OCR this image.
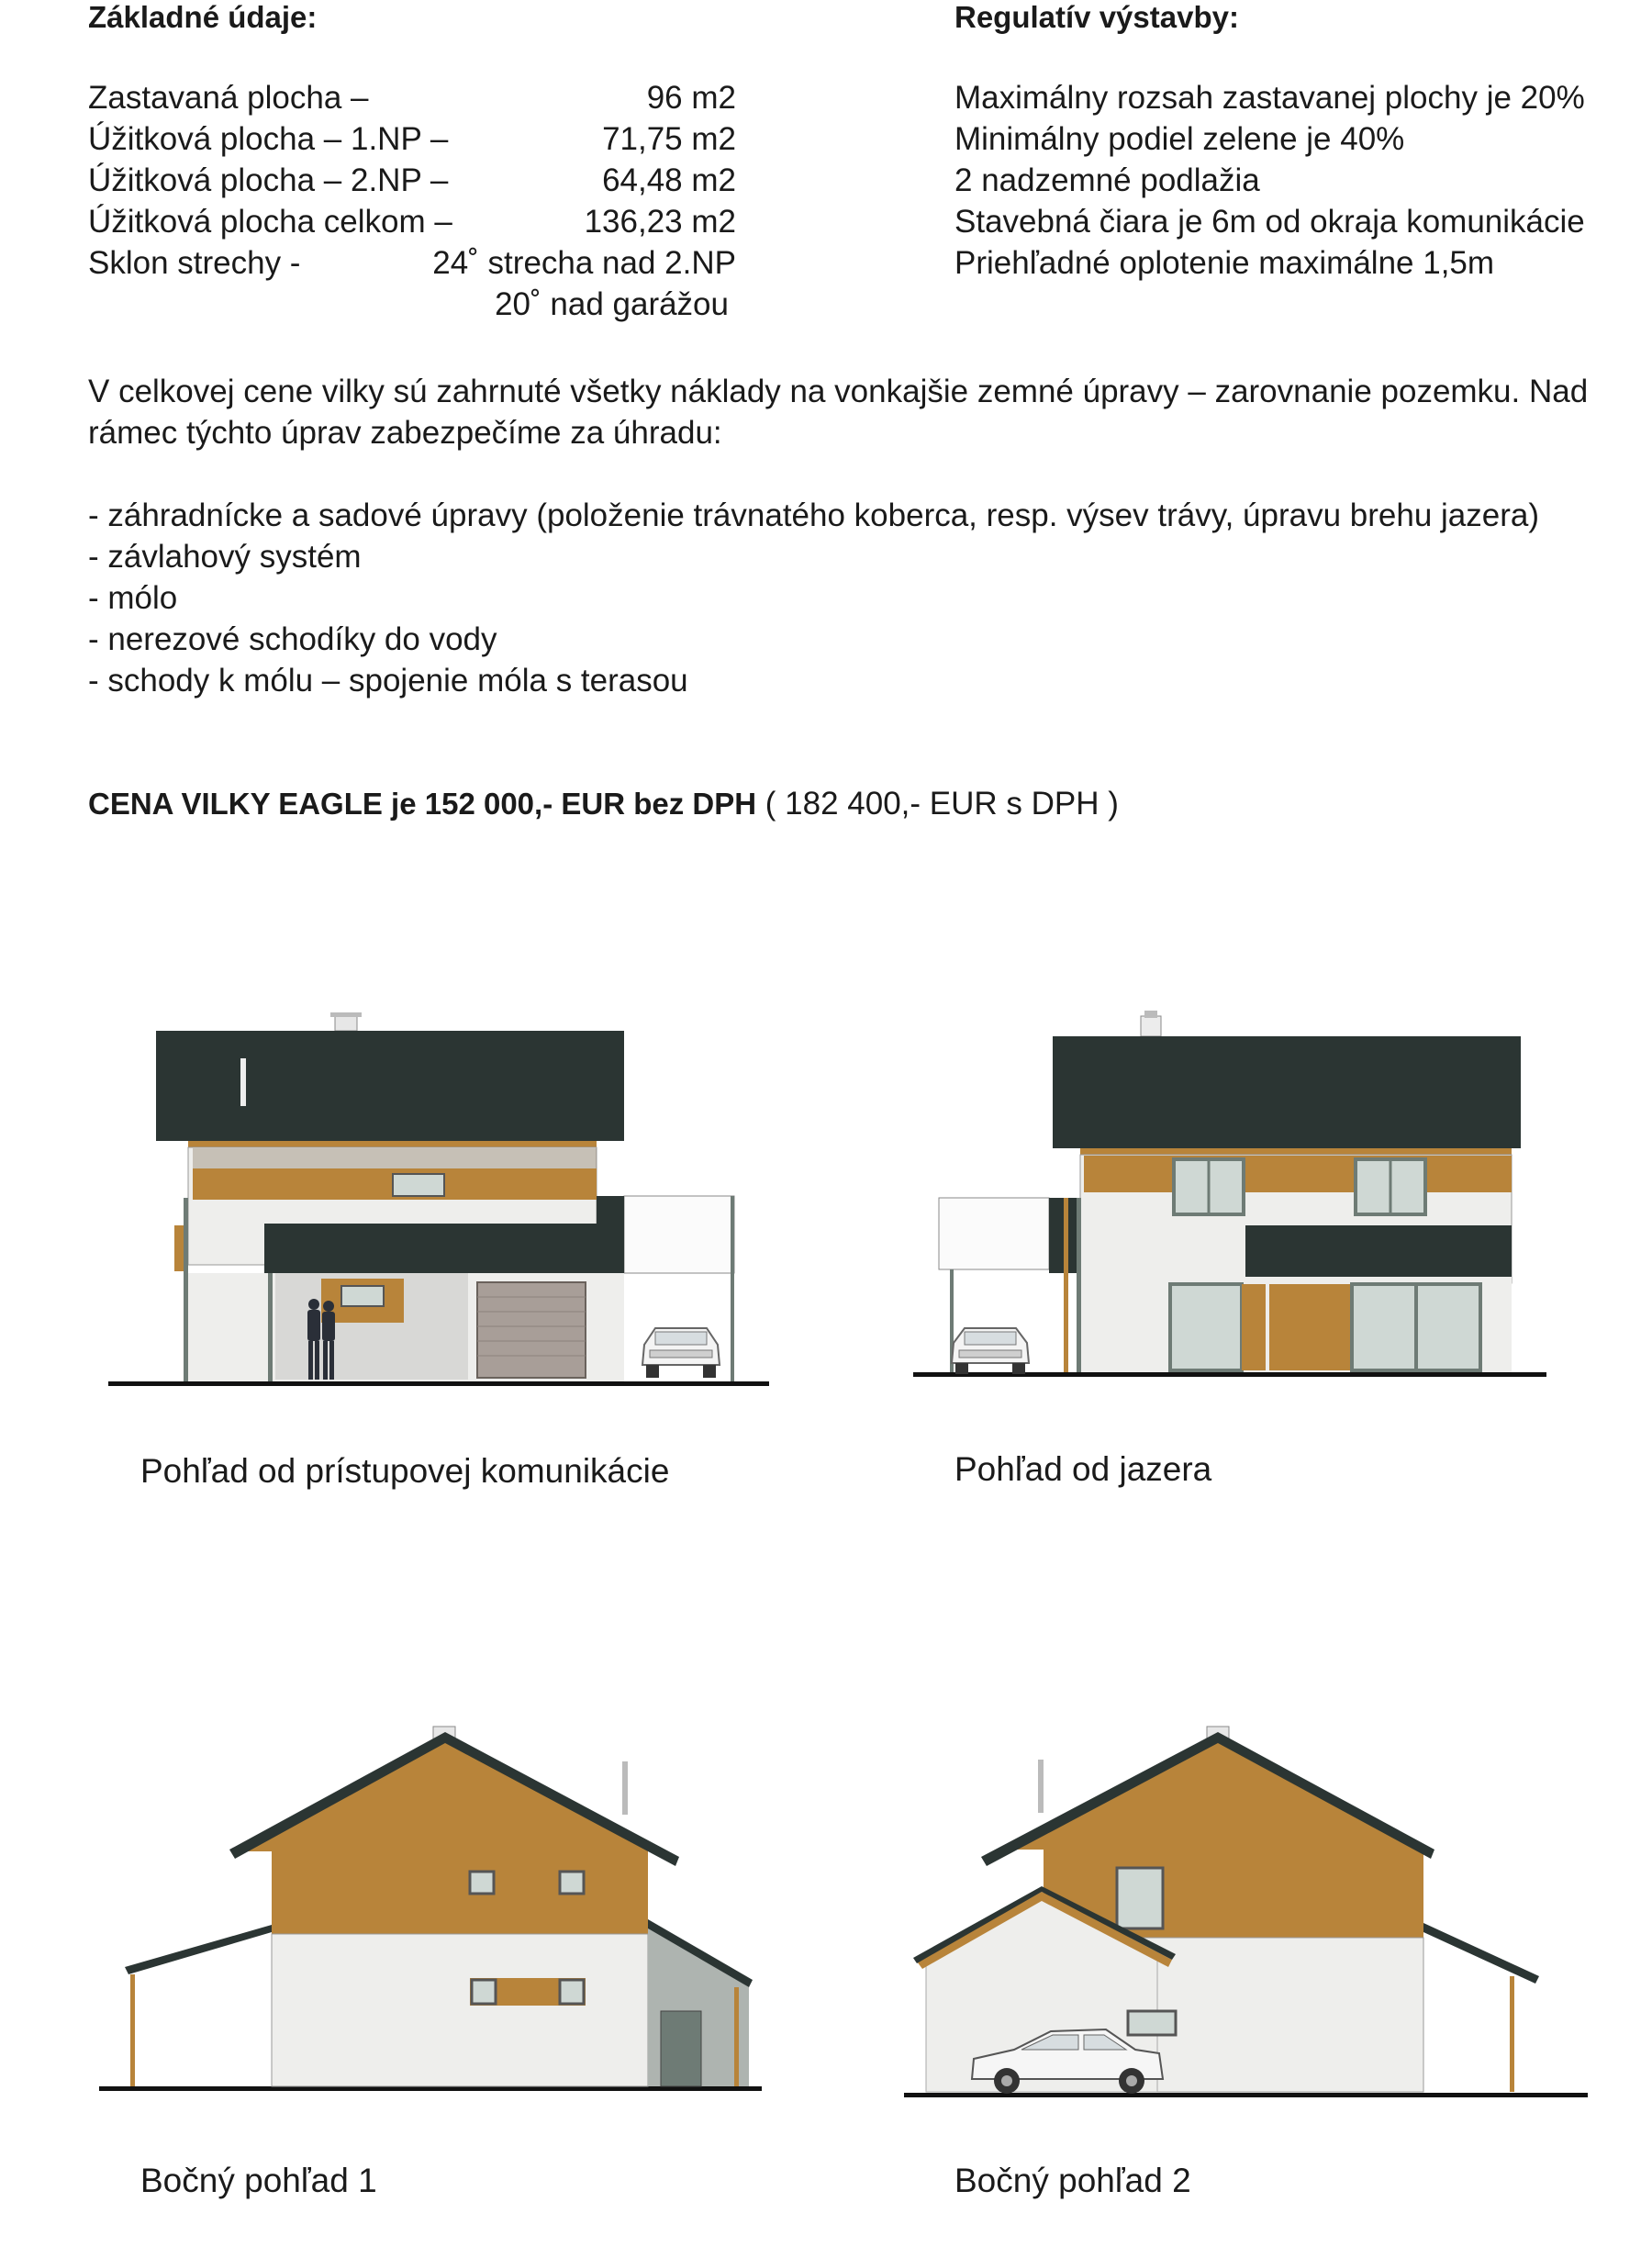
Základné údaje:
Zastavaná plocha –	96 m2
Úžitková plocha – 1.NP –	71,75 m2
Úžitková plocha – 2.NP –	64,48 m2
Úžitková plocha celkom –	136,23 m2
Sklon strechy -	24˚ strecha nad 2.NP
20˚ nad garážou
Regulatív výstavby:
Maximálny rozsah zastavanej plochy je 20%
Minimálny podiel zelene je 40%
2 nadzemné podlažia
Stavebná čiara je 6m od okraja komunikácie
Priehľadné oplotenie maximálne 1,5m
V celkovej cene vilky sú zahrnuté všetky náklady na vonkajšie zemné úpravy – zarovnanie pozemku. Nad rámec týchto úprav zabezpečíme za úhradu:
- záhradnícke a sadové úpravy (položenie trávnatého koberca, resp. výsev trávy, úpravu brehu jazera)
- závlahový systém
- mólo
- nerezové schodíky do vody
- schody k mólu – spojenie móla s terasou
CENA VILKY EAGLE je 152 000,- EUR bez DPH ( 182 400,- EUR s DPH )
Pohľad od prístupovej komunikácie	Pohľad od jazera
Bočný pohľad 1	Bočný pohľad 2
